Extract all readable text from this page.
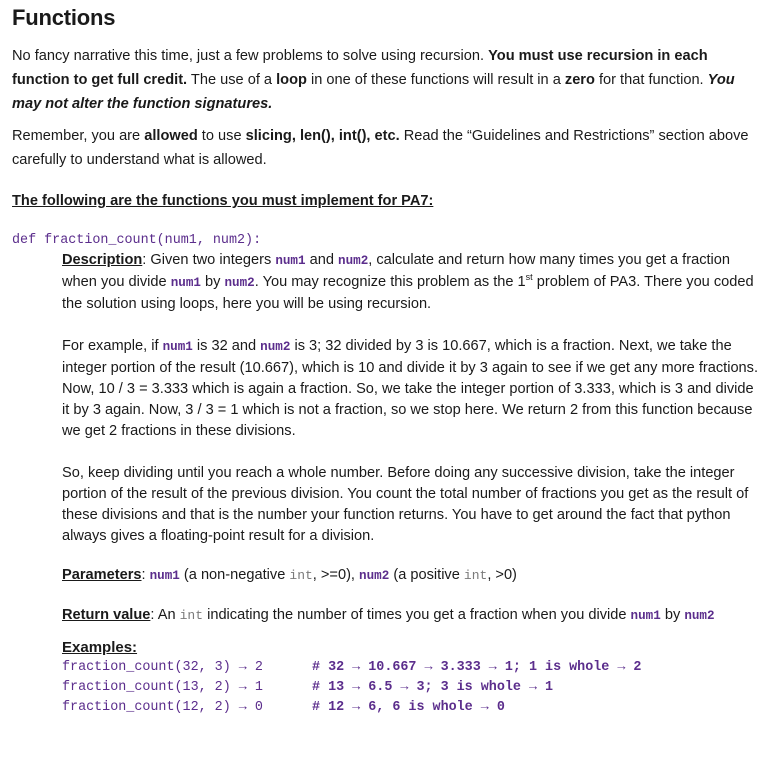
Functions

No fancy narrative this time, just a few problems to solve using recursion. You must use recursion in each function to get full credit. The use of a loop in one of these functions will result in a zero for that function. You may not alter the function signatures.

Remember, you are allowed to use slicing, len(), int(), etc. Read the “Guidelines and Restrictions” section above carefully to understand what is allowed.

The following are the functions you must implement for PA7:
def fraction_count(num1, num2):

Description: Given two integers num1 and num2, calculate and return how many times you get a fraction when you divide num1 by num2. You may recognize this problem as the 1st problem of PA3. There you coded the solution using loops, here you will be using recursion.

For example, if num1 is 32 and num2 is 3; 32 divided by 3 is 10.667, which is a fraction. Next, we take the integer portion of the result (10.667), which is 10 and divide it by 3 again to see if we get any more fractions. Now, 10 / 3 = 3.333 which is again a fraction. So, we take the integer portion of 3.333, which is 3 and divide it by 3 again. Now, 3 / 3 = 1 which is not a fraction, so we stop here. We return 2 from this function because we get 2 fractions in these divisions.

So, keep dividing until you reach a whole number. Before doing any successive division, take the integer portion of the result of the previous division. You count the total number of fractions you get as the result of these divisions and that is the number your function returns. You have to get around the fact that python always gives a floating-point result for a division.

Parameters: num1 (a non-negative int, >=0), num2 (a positive int, >0)

Return value: An int indicating the number of times you get a fraction when you divide num1 by num2

Examples:
fraction_count(32, 3) → 2	# 32 → 10.667 → 3.333 → 1; 1 is whole → 2
fraction_count(13, 2) → 1	# 13 → 6.5 → 3; 3 is whole → 1
fraction_count(12, 2) → 0	# 12 → 6, 6 is whole → 0
